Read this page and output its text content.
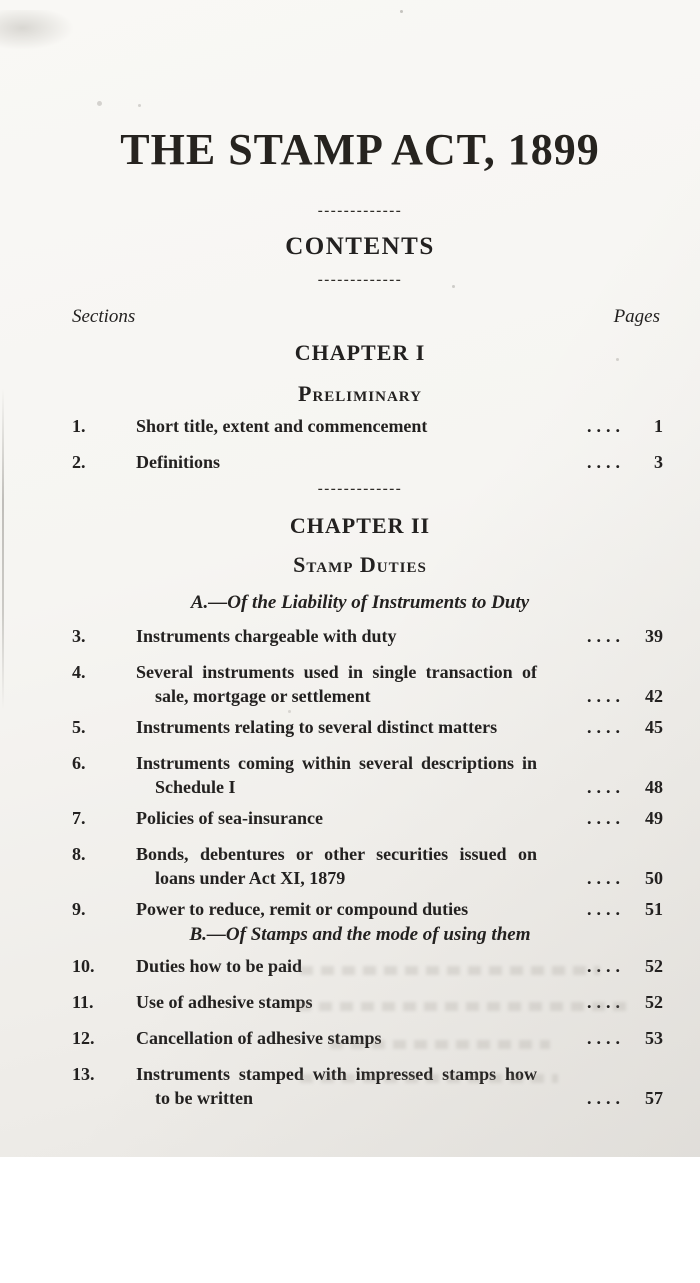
THE STAMP ACT, 1899
-------------
CONTENTS
-------------
Sections	Pages
CHAPTER I
Preliminary
1.	Short title, extent and commencement	....	1
2.	Definitions	....	3
-------------
CHAPTER II
Stamp Duties
A.—Of the Liability of Instruments to Duty
3.	Instruments chargeable with duty	....	39
4.	Several instruments used in single transaction of
sale, mortgage or settlement	....	42
5.	Instruments relating to several distinct matters	....	45
6.	Instruments coming within several descriptions in
Schedule I	....	48
7.	Policies of sea-insurance	....	49
8.	Bonds, debentures or other securities issued on
loans under Act XI, 1879	....	50
9.	Power to reduce, remit or compound duties	....	51
B.—Of Stamps and the mode of using them
10.	Duties how to be paid	....	52
11.	Use of adhesive stamps	....	52
12.	Cancellation of adhesive stamps	....	53
13.	Instruments stamped with impressed stamps how
to be written	....	57
